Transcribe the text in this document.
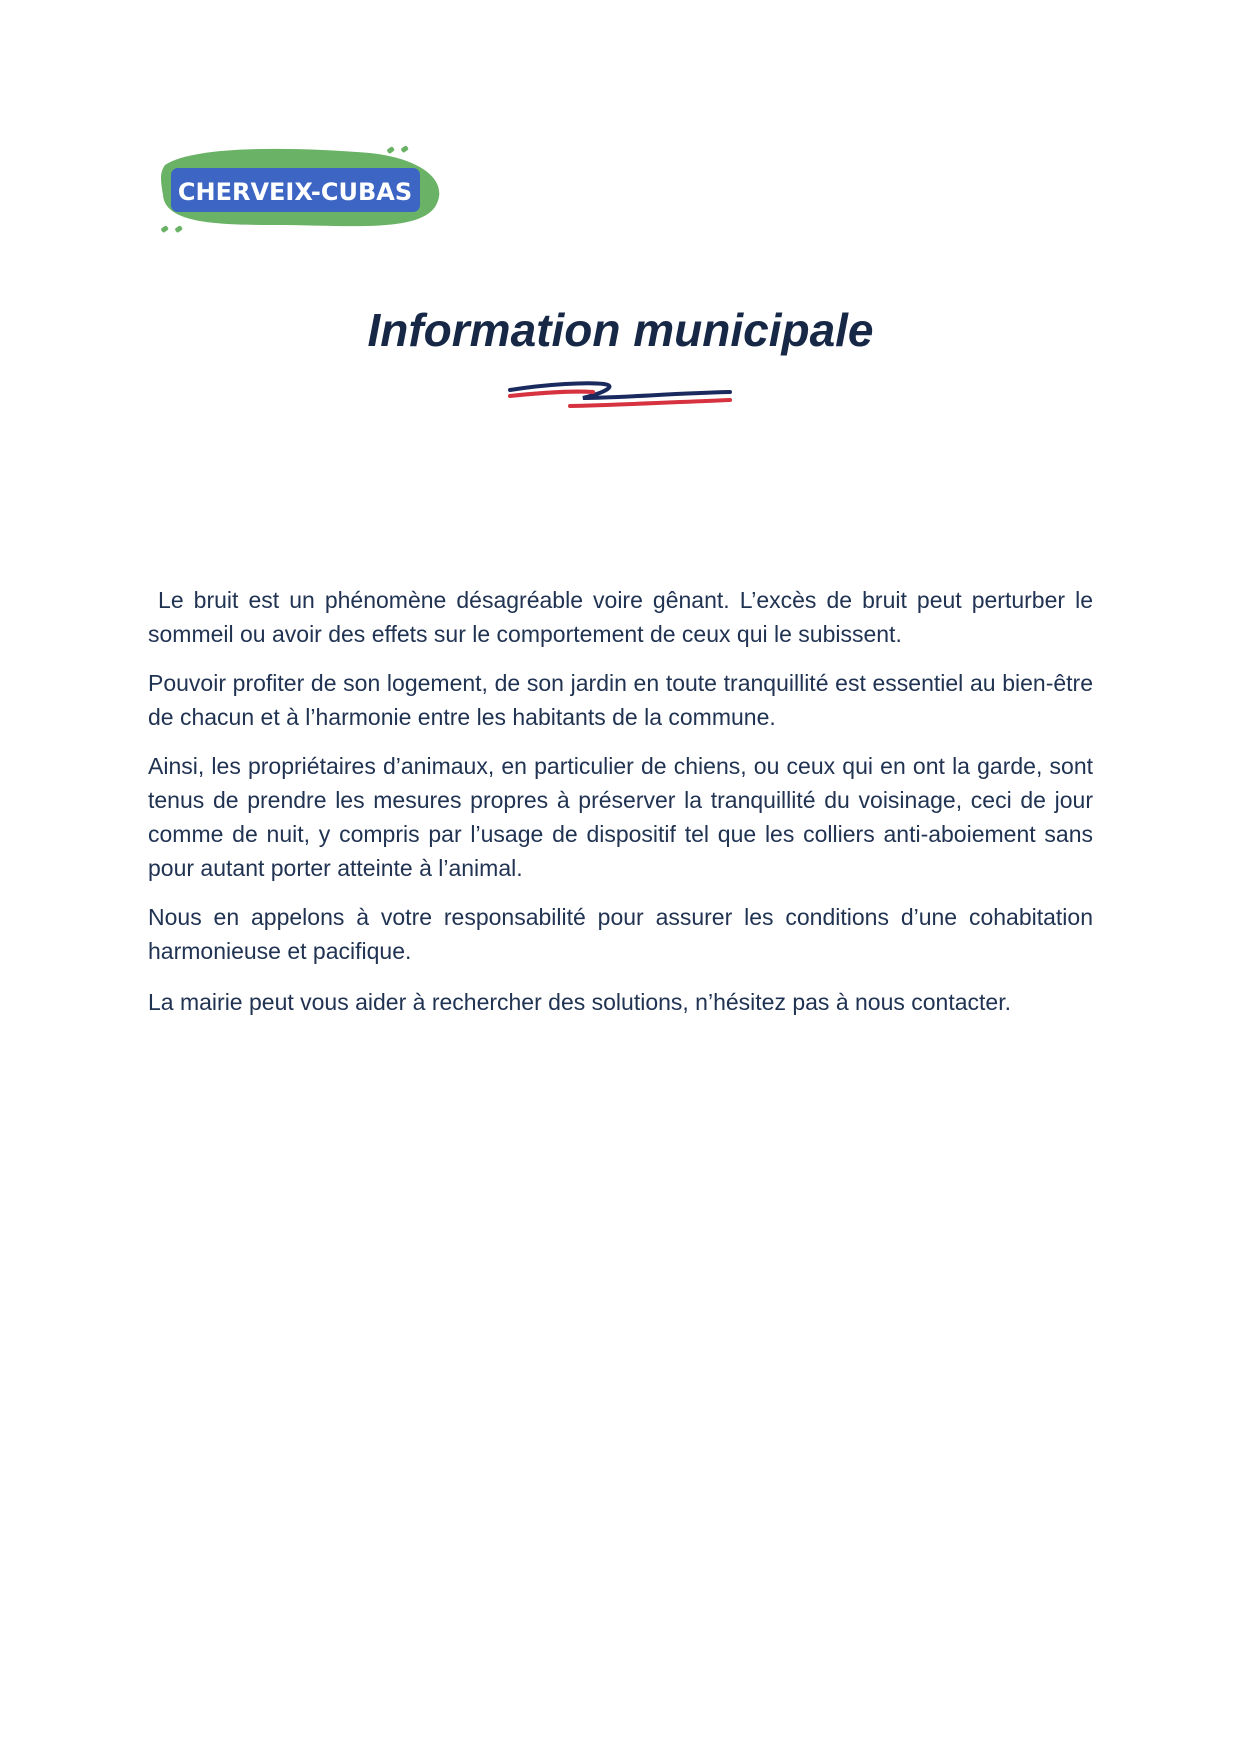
CHERVEIX-CUBAS
Information municipale

Le bruit est un phénomène désagréable voire gênant. L’excès de bruit peut perturber le sommeil ou avoir des effets sur le comportement de ceux qui le subissent.

Pouvoir profiter de son logement, de son jardin en toute tranquillité est essentiel au bien-être de chacun et à l’harmonie entre les habitants de la commune.

Ainsi, les propriétaires d’animaux, en particulier de chiens, ou ceux qui en ont la garde, sont tenus de prendre les mesures propres à préserver la tranquillité du voisinage, ceci de jour comme de nuit, y compris par l’usage de dispositif tel que les colliers anti-aboiement sans pour autant porter atteinte à l’animal.

Nous en appelons à votre responsabilité pour assurer les conditions d’une cohabitation harmonieuse et pacifique.

La mairie peut vous aider à rechercher des solutions, n’hésitez pas à nous contacter.
